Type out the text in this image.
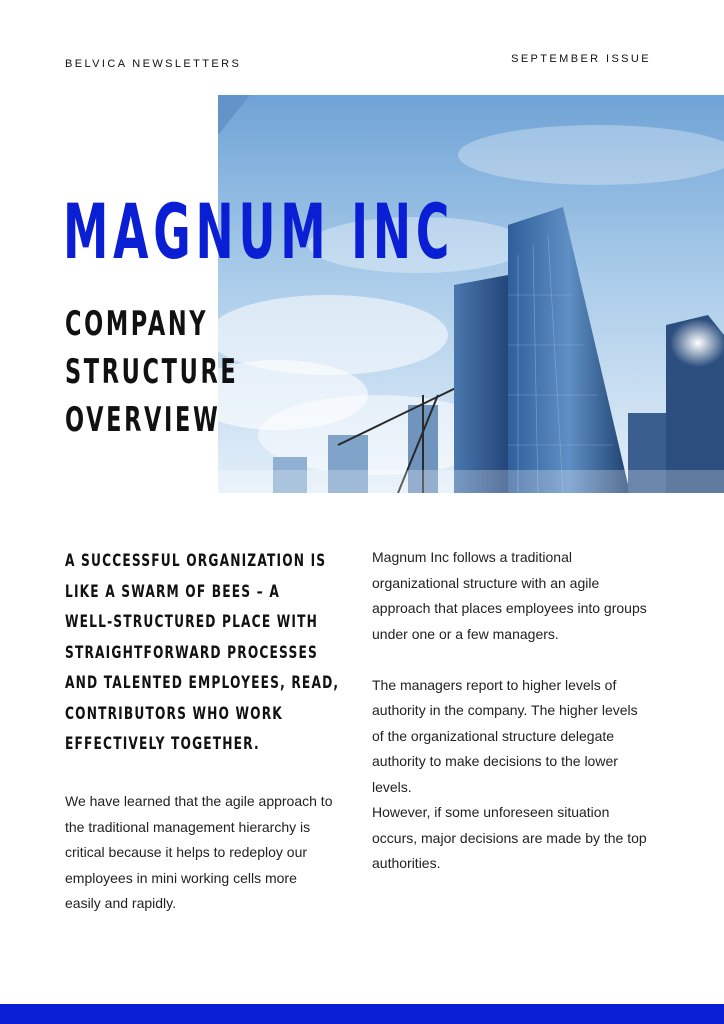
BELVICA NEWSLETTERS	SEPTEMBER ISSUE
MAGNUM INC
COMPANY
STRUCTURE
OVERVIEW
A SUCCESSFUL ORGANIZATION IS
LIKE A SWARM OF BEES – A
WELL-STRUCTURED PLACE WITH
STRAIGHTFORWARD PROCESSES
AND TALENTED EMPLOYEES, READ,
CONTRIBUTORS WHO WORK
EFFECTIVELY TOGETHER.

We have learned that the agile approach to the traditional management hierarchy is critical because it helps to redeploy our employees in mini working cells more easily and rapidly.

Magnum Inc follows a traditional organizational structure with an agile approach that places employees into groups under one or a few managers.

The managers report to higher levels of authority in the company. The higher levels of the organizational structure delegate authority to make decisions to the lower levels.

However, if some unforeseen situation occurs, major decisions are made by the top authorities.
